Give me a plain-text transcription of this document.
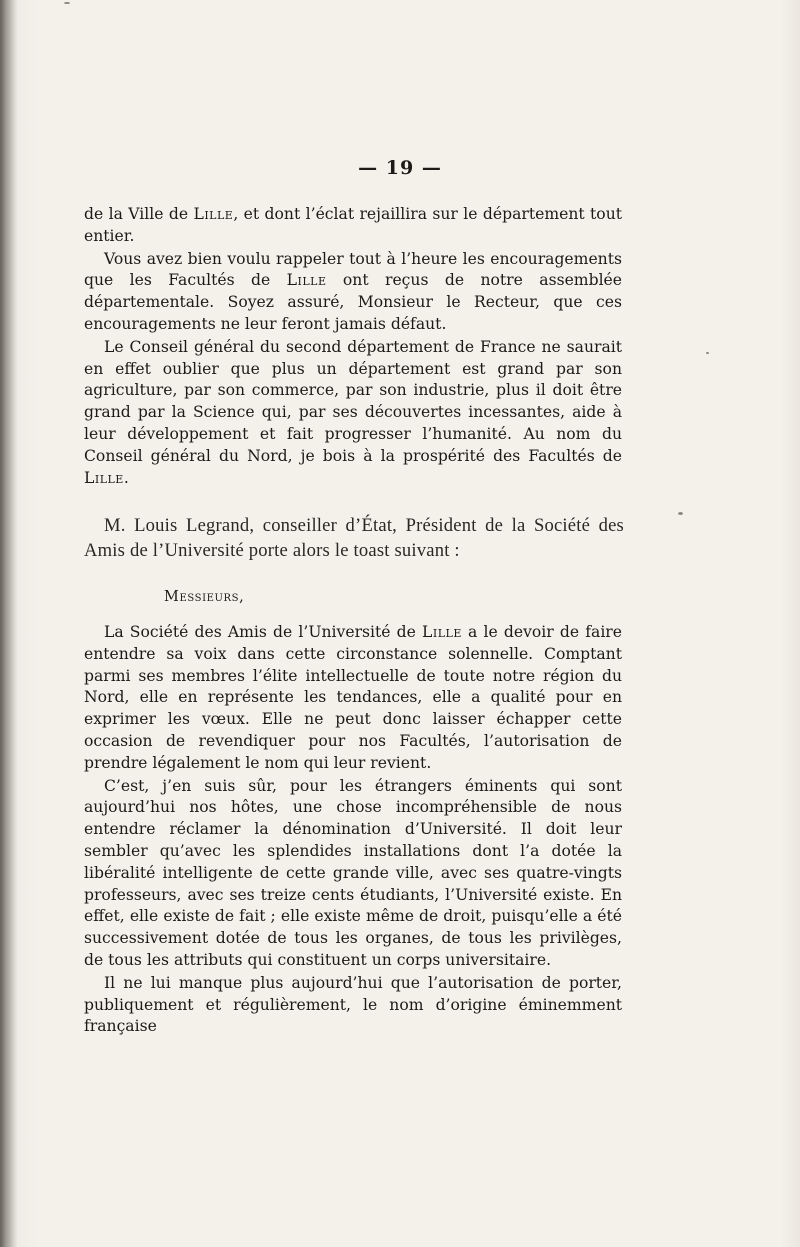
— 19 —

de la Ville de Lille, et dont l’éclat rejaillira sur le département tout entier.

Vous avez bien voulu rappeler tout à l’heure les encouragements que les Facultés de Lille ont reçus de notre assemblée départementale. Soyez assuré, Monsieur le Recteur, que ces encouragements ne leur feront jamais défaut.

Le Conseil général du second département de France ne saurait en effet oublier que plus un département est grand par son agriculture, par son commerce, par son industrie, plus il doit être grand par la Science qui, par ses découvertes incessantes, aide à leur développement et fait progresser l’humanité. Au nom du Conseil général du Nord, je bois à la prospérité des Facultés de Lille.

M. Louis Legrand, conseiller d’État, Président de la Société des Amis de l’Université porte alors le toast suivant :
Messieurs,

La Société des Amis de l’Université de Lille a le devoir de faire entendre sa voix dans cette circonstance solennelle. Comptant parmi ses membres l’élite intellectuelle de toute notre région du Nord, elle en représente les tendances, elle a qualité pour en exprimer les vœux. Elle ne peut donc laisser échapper cette occasion de revendiquer pour nos Facultés, l’autorisation de prendre légalement le nom qui leur revient.

C’est, j’en suis sûr, pour les étrangers éminents qui sont aujourd’hui nos hôtes, une chose incompréhensible de nous entendre réclamer la dénomination d’Université. Il doit leur sembler qu’avec les splendides installations dont l’a dotée la libéralité intelligente de cette grande ville, avec ses quatre-vingts professeurs, avec ses treize cents étudiants, l’Université existe. En effet, elle existe de fait ; elle existe même de droit, puisqu’elle a été successivement dotée de tous les organes, de tous les privilèges, de tous les attributs qui constituent un corps universitaire.

Il ne lui manque plus aujourd’hui que l’autorisation de porter, publiquement et régulièrement, le nom d’origine éminemment française
